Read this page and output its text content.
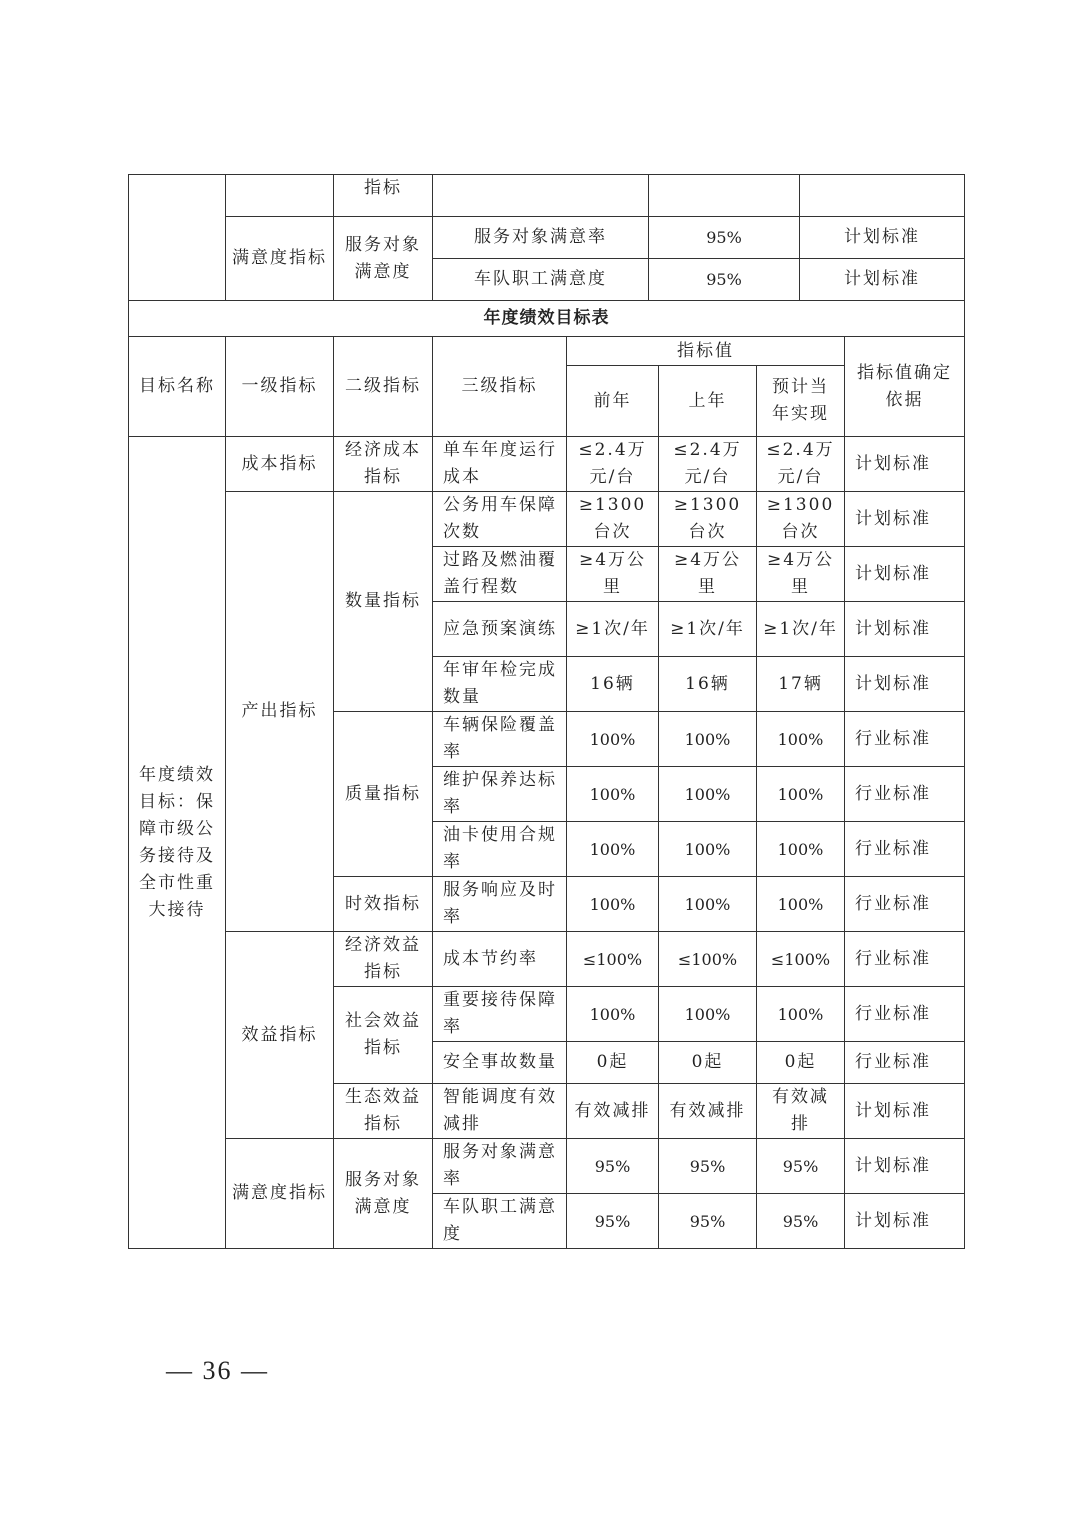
		指标			
	满意度指标	服务对象满意度	服务对象满意率	95%	计划标准
			车队职工满意度	95%	计划标准
年度绩效目标表					
目标名称	一级指标	二级指标	三级指标	指标值			指标值确定依据
				前年	上年	预计当年实现	
年度绩效目标：保障市级公务接待及全市性重大接待	成本指标	经济成本指标	单车年度运行成本	≤2.4万元/台	≤2.4万元/台	≤2.4万元/台	计划标准
	产出指标	数量指标	公务用车保障次数	≥1300台次	≥1300台次	≥1300台次	计划标准
			过路及燃油覆盖行程数	≥4万公里	≥4万公里	≥4万公里	计划标准
			应急预案演练	≥1次/年	≥1次/年	≥1次/年	计划标准
			年审年检完成数量	16辆	16辆	17辆	计划标准
		质量指标	车辆保险覆盖率	100%	100%	100%	行业标准
			维护保养达标率	100%	100%	100%	行业标准
			油卡使用合规率	100%	100%	100%	行业标准
		时效指标	服务响应及时率	100%	100%	100%	行业标准
	效益指标	经济效益指标	成本节约率	≤100%	≤100%	≤100%	行业标准
		社会效益指标	重要接待保障率	100%	100%	100%	行业标准
			安全事故数量	0起	0起	0起	行业标准
		生态效益指标	智能调度有效减排	有效减排	有效减排	有效减排	计划标准
	满意度指标	服务对象满意度	服务对象满意率	95%	95%	95%	计划标准
			车队职工满意度	95%	95%	95%	计划标准
— 36 —
